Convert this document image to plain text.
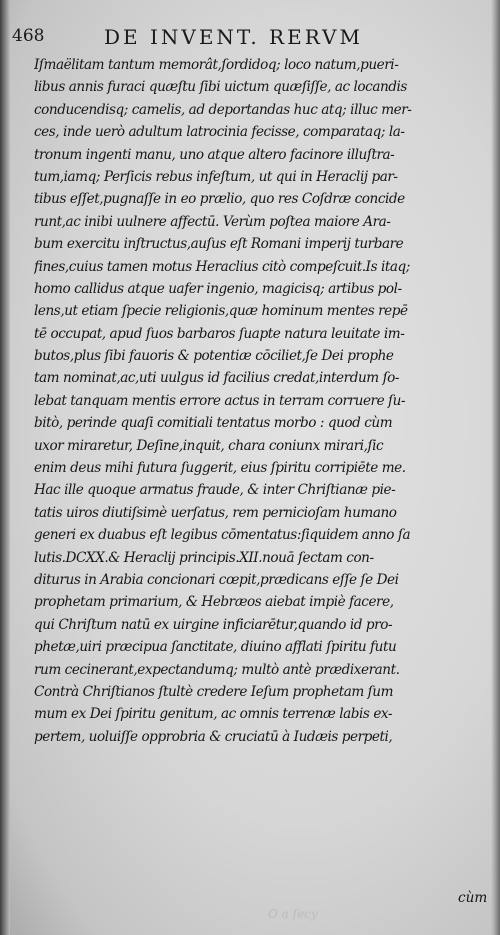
468	DE INVENT. RERVM
Iſmaëlitam tantum memorât,ſordidoq; loco natum,pueri-
libus annis furaci quæſtu ſibi uictum quæſiſſe, ac locandis
conducendisq; camelis, ad deportandas huc atq; illuc mer-
ces, inde uerò adultum latrocinia fecisse, comparataq; la-
tronum ingenti manu, uno atque altero facinore illuſtra-
tum,iamq; Perſicis rebus infeſtum, ut qui in Heraclij par-
tibus eſſet,pugnaſſe in eo prælio, quo res Coſdræ concide
runt,ac inibi uulnere affectū. Verùm poſtea maiore Ara-
bum exercitu inſtructus,auſus eſt Romani imperij turbare
fines,cuius tamen motus Heraclius citò compeſcuit.Is itaq;
homo callidus atque uafer ingenio, magicisq; artibus pol-
lens,ut etiam ſpecie religionis,quæ hominum mentes repē
tē occupat, apud ſuos barbaros ſuapte natura leuitate im-
butos,plus ſibi fauoris & potentiæ cōciliet,ſe Dei prophe
tam nominat,ac,uti uulgus id facilius credat,interdum ſo-
lebat tanquam mentis errore actus in terram corruere ſu-
bitò, perinde quaſi comitiali tentatus morbo : quod cùm
uxor miraretur, Deſine,inquit, chara coniunx mirari,ſic
enim deus mihi futura ſuggerit, eius ſpiritu corripiēte me.
Hac ille quoque armatus fraude, & inter Chriſtianæ pie-
tatis uiros diutiſsimè uerſatus, rem pernicioſam humano
generi ex duabus eſt legibus cōmentatus:ſiquidem anno ſa
lutis.DCXX.& Heraclij principis.XII.nouā ſectam con-
diturus in Arabia concionari cœpit,prædicans eſſe ſe Dei
prophetam primarium, & Hebræos aiebat impiè facere,
qui Chriſtum natū ex uirgine inficiarētur,quando id pro-
phetæ,uiri præcipua ſanctitate, diuino afflati ſpiritu futu
rum cecinerant,expectandumq; multò antè prædixerant.
Contrà Chriſtianos ſtultè credere Ieſum prophetam ſum
mum ex Dei ſpiritu genitum, ac omnis terrenæ labis ex-
pertem, uoluiſſe opprobria & cruciatū à Iudæis perpeti,
cùm
O a ſecy
